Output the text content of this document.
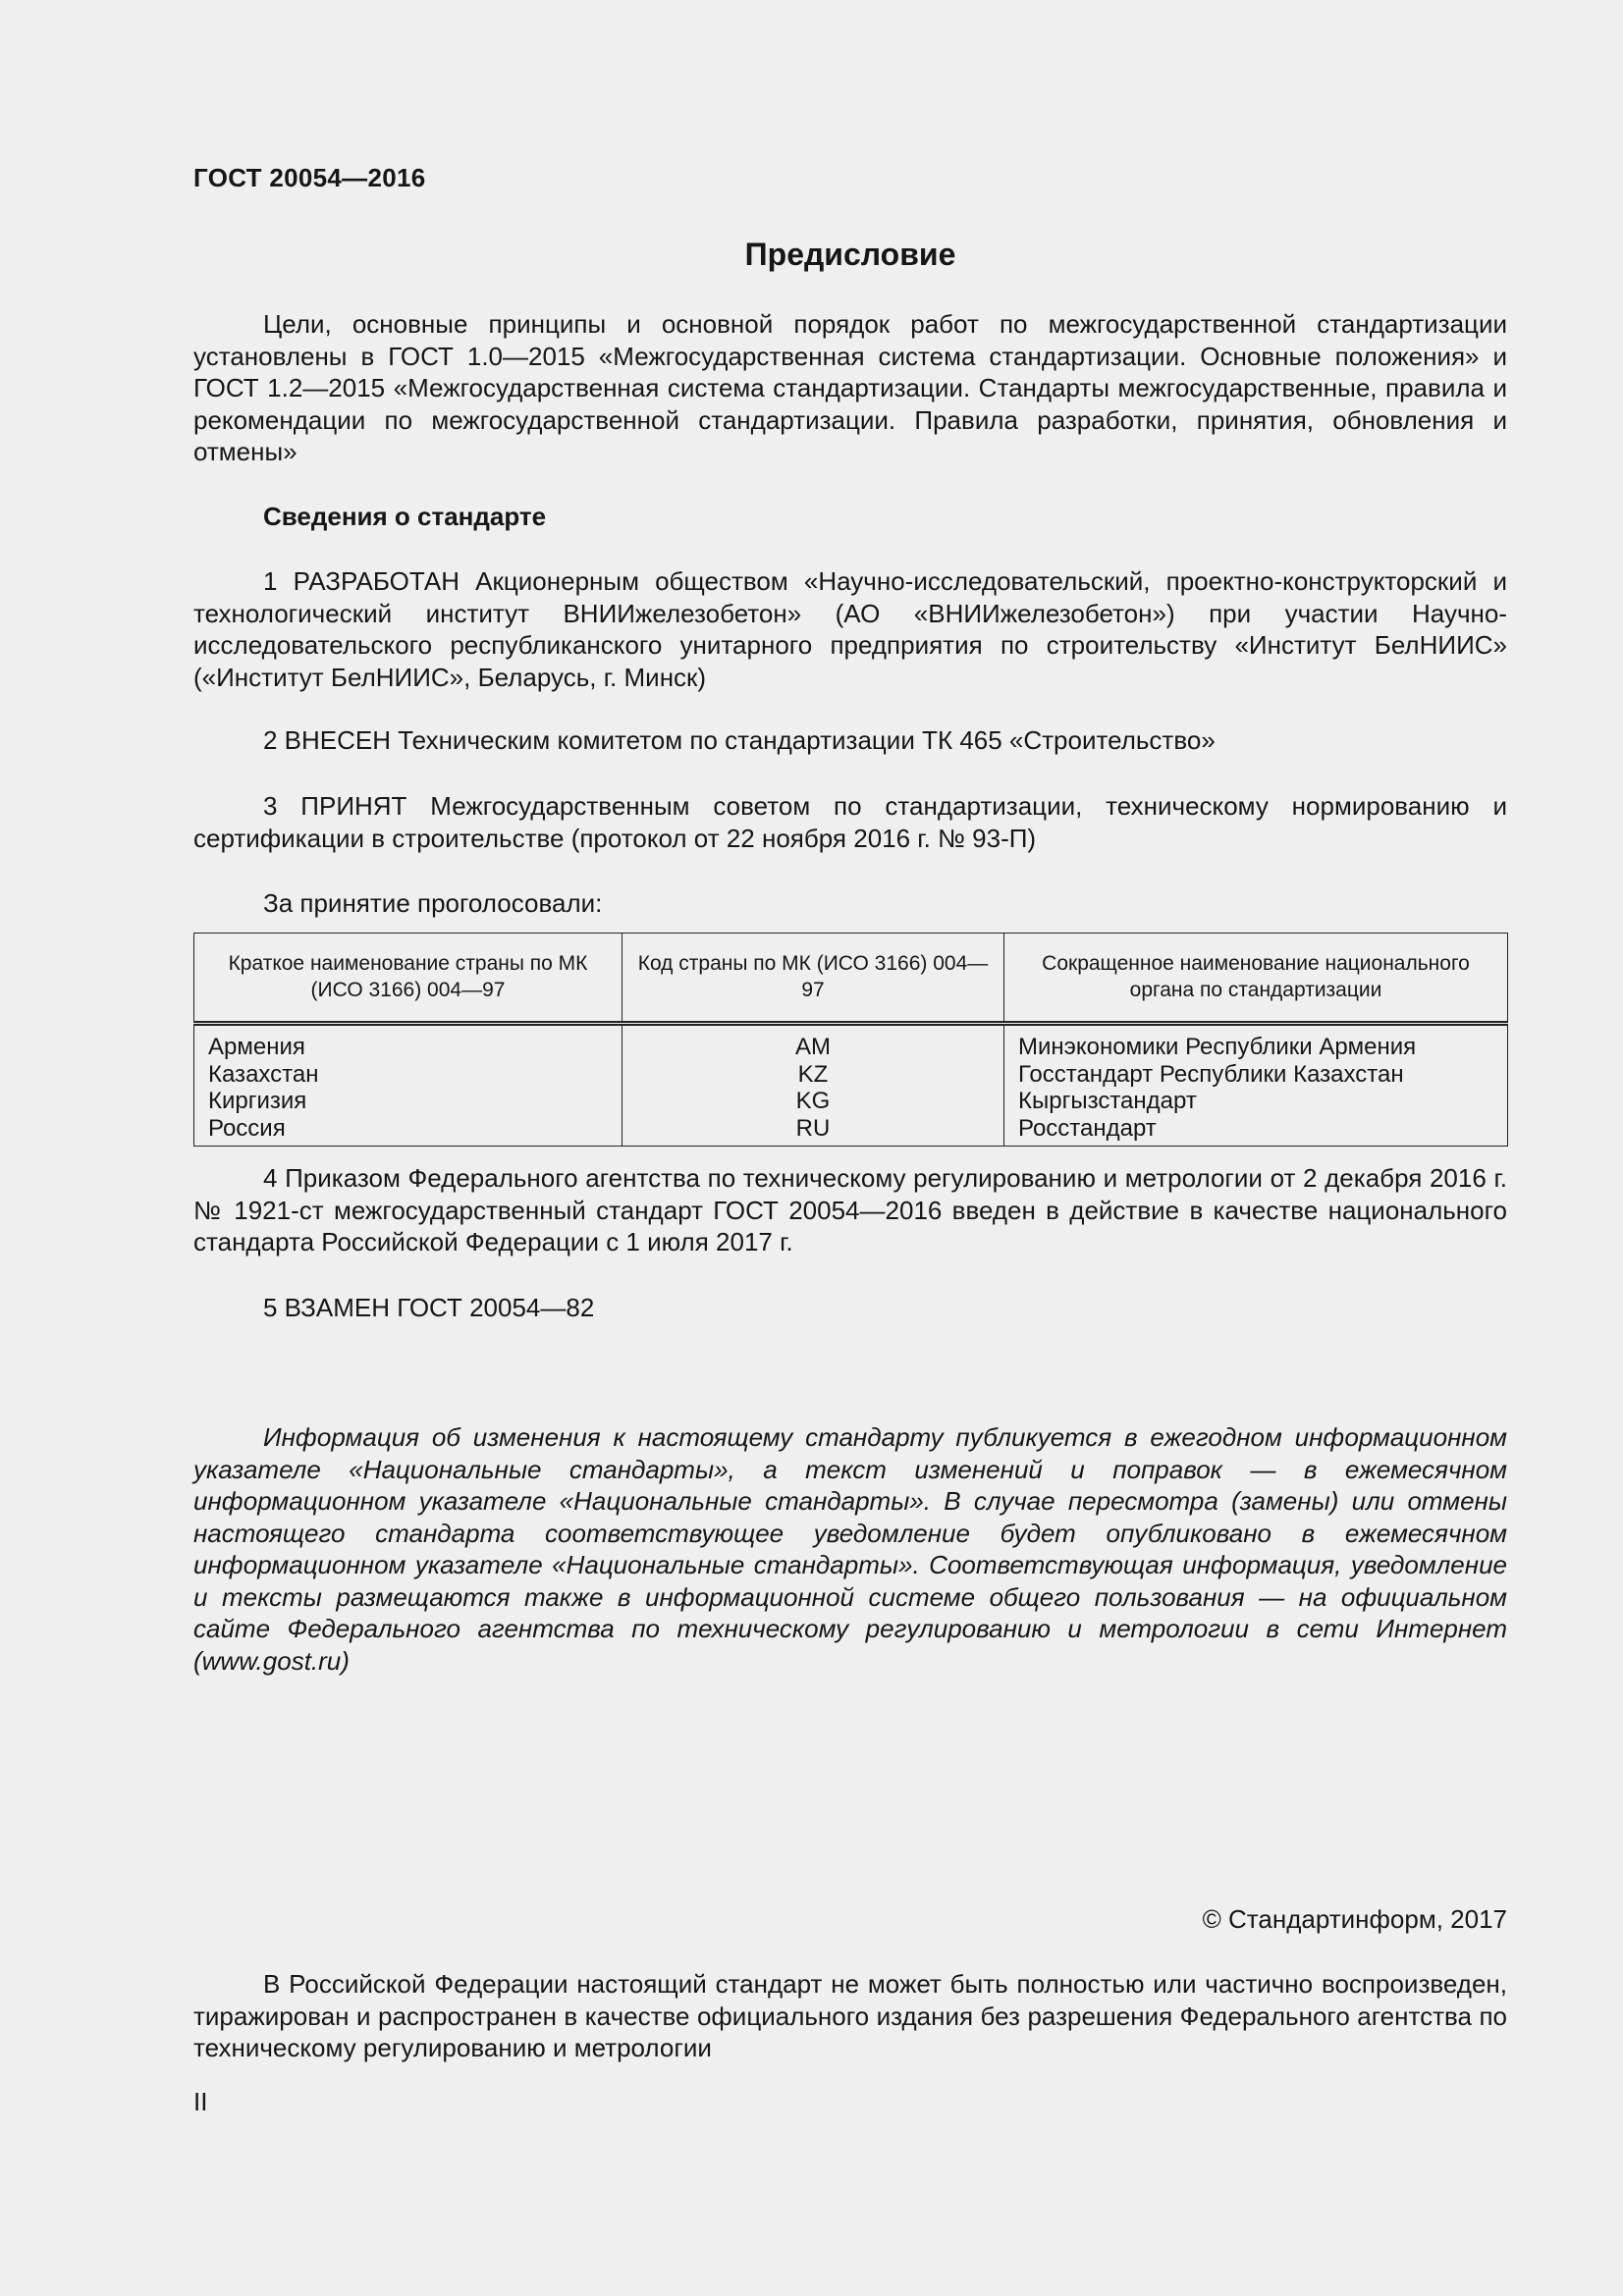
ГОСТ 20054—2016
Предисловие

Цели, основные принципы и основной порядок работ по межгосударственной стандартизации установлены в ГОСТ 1.0—2015 «Межгосударственная система стандартизации. Основные положения» и ГОСТ 1.2—2015 «Межгосударственная система стандартизации. Стандарты межгосударственные, правила и рекомендации по межгосударственной стандартизации. Правила разработки, принятия, обновления и отмены»

Сведения о стандарте

1 РАЗРАБОТАН Акционерным обществом «Научно-исследовательский, проектно-конструкторский и технологический институт ВНИИжелезобетон» (АО «ВНИИжелезобетон») при участии Научно-исследовательского республиканского унитарного предприятия по строительству «Институт БелНИИС» («Институт БелНИИС», Беларусь, г. Минск)

2 ВНЕСЕН Техническим комитетом по стандартизации ТК 465 «Строительство»

3 ПРИНЯТ Межгосударственным советом по стандартизации, техническому нормированию и сертификации в строительстве (протокол от 22 ноября 2016 г. № 93-П)

За принятие проголосовали:
Краткое наименование страны по МК (ИСО 3166) 004—97	Код страны по МК (ИСО 3166) 004—97	Сокращенное наименование национального органа по стандартизации
Армения	AM	Минэкономики Республики Армения
Казахстан	KZ	Госстандарт Республики Казахстан
Киргизия	KG	Кыргызстандарт
Россия	RU	Росстандарт

4 Приказом Федерального агентства по техническому регулированию и метрологии от 2 декабря 2016 г. № 1921-ст межгосударственный стандарт ГОСТ 20054—2016 введен в действие в качестве национального стандарта Российской Федерации с 1 июля 2017 г.

5 ВЗАМЕН ГОСТ 20054—82

Информация об изменения к настоящему стандарту публикуется в ежегодном информационном указателе «Национальные стандарты», а текст изменений и поправок — в ежемесячном информационном указателе «Национальные стандарты». В случае пересмотра (замены) или отмены настоящего стандарта соответствующее уведомление будет опубликовано в ежемесячном информационном указателе «Национальные стандарты». Соответствующая информация, уведомление и тексты размещаются также в информационной системе общего пользования — на официальном сайте Федерального агентства по техническому регулированию и метрологии в сети Интернет (www.gost.ru)

© Стандартинформ, 2017

В Российской Федерации настоящий стандарт не может быть полностью или частично воспроизведен, тиражирован и распространен в качестве официального издания без разрешения Федерального агентства по техническому регулированию и метрологии

II
